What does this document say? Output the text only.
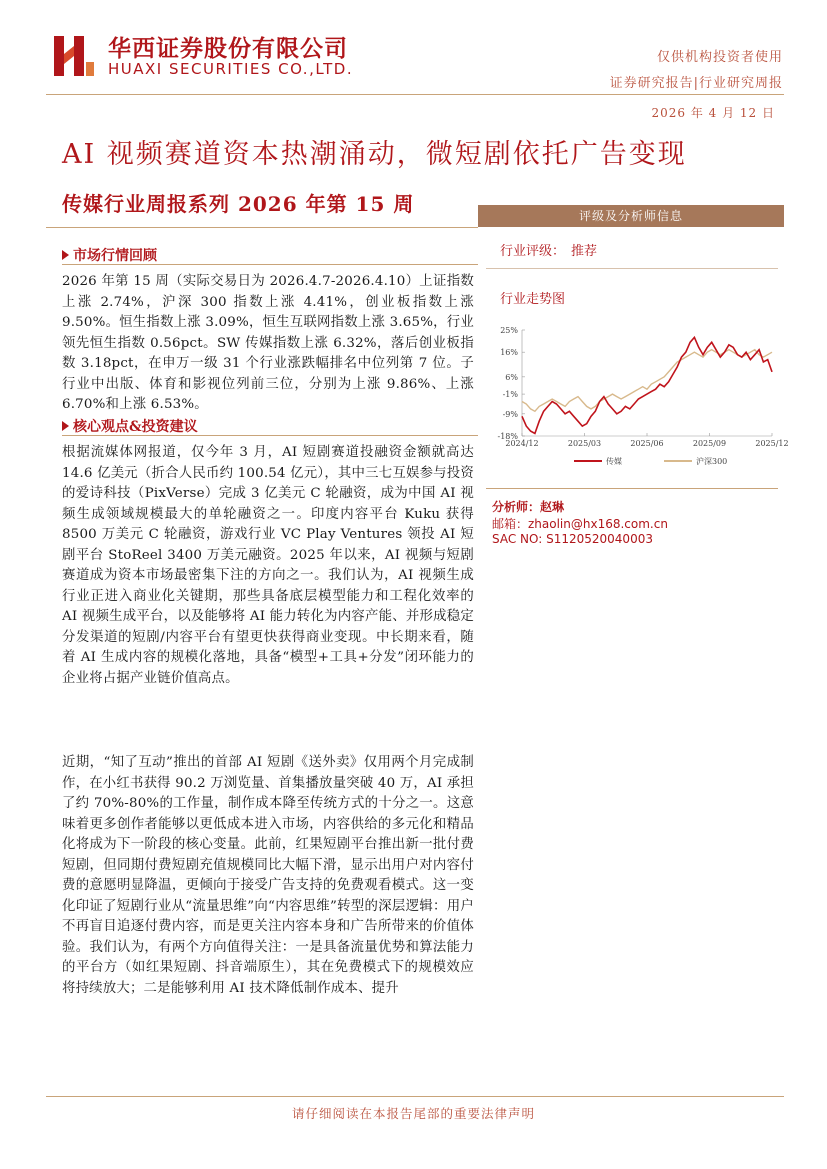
华西证券股份有限公司
HUAXI SECURITIES CO.,LTD.
仅供机构投资者使用
证券研究报告|行业研究周报
2026 年 4 月 12 日
AI 视频赛道资本热潮涌动，微短剧依托广告变现
传媒行业周报系列 2026 年第 15 周
市场行情回顾
2026 年第 15 周（实际交易日为 2026.4.7-2026.4.10）上证指数上涨 2.74%，沪深 300 指数上涨 4.41%，创业板指数上涨 9.50%。恒生指数上涨 3.09%，恒生互联网指数上涨 3.65%，行业领先恒生指数 0.56pct。SW 传媒指数上涨 6.32%，落后创业板指数 3.18pct，在申万一级 31 个行业涨跌幅排名中位列第 7 位。子行业中出版、体育和影视位列前三位，分别为上涨 9.86%、上涨 6.70%和上涨 6.53%。
核心观点&投资建议
根据流媒体网报道，仅今年 3 月，AI 短剧赛道投融资金额就高达 14.6 亿美元（折合人民币约 100.54 亿元），其中三七互娱参与投资的爱诗科技（PixVerse）完成 3 亿美元 C 轮融资，成为中国 AI 视频生成领域规模最大的单轮融资之一。印度内容平台 Kuku 获得 8500 万美元 C 轮融资，游戏行业 VC Play Ventures 领投 AI 短剧平台 StoReel 3400 万美元融资。2025 年以来，AI 视频与短剧赛道成为资本市场最密集下注的方向之一。我们认为，AI 视频生成行业正进入商业化关键期，那些具备底层模型能力和工程化效率的 AI 视频生成平台，以及能够将 AI 能力转化为内容产能、并形成稳定分发渠道的短剧/内容平台有望更快获得商业变现。中长期来看，随着 AI 生成内容的规模化落地，具备“模型+工具+分发”闭环能力的企业将占据产业链价值高点。
近期，“知了互动”推出的首部 AI 短剧《送外卖》仅用两个月完成制作，在小红书获得 90.2 万浏览量、首集播放量突破 40 万，AI 承担了约 70%-80%的工作量，制作成本降至传统方式的十分之一。这意味着更多创作者能够以更低成本进入市场，内容供给的多元化和精品化将成为下一阶段的核心变量。此前，红果短剧平台推出新一批付费短剧，但同期付费短剧充值规模同比大幅下滑，显示出用户对内容付费的意愿明显降温，更倾向于接受广告支持的免费观看模式。这一变化印证了短剧行业从“流量思维”向“内容思维”转型的深层逻辑：用户不再盲目追逐付费内容，而是更关注内容本身和广告所带来的价值体验。我们认为，有两个方向值得关注：一是具备流量优势和算法能力的平台方（如红果短剧、抖音端原生），其在免费模式下的规模效应将持续放大；二是能够利用 AI 技术降低制作成本、提升
评级及分析师信息
行业评级： 推荐
行业走势图
25%
16%
6%
-1%
-9%
-18%
2024/12	2025/03	2025/06	2025/09	2025/12
传媒	沪深300
分析师：赵琳
邮箱：zhaolin@hx168.com.cn
SAC NO: S1120520040003
请仔细阅读在本报告尾部的重要法律声明
